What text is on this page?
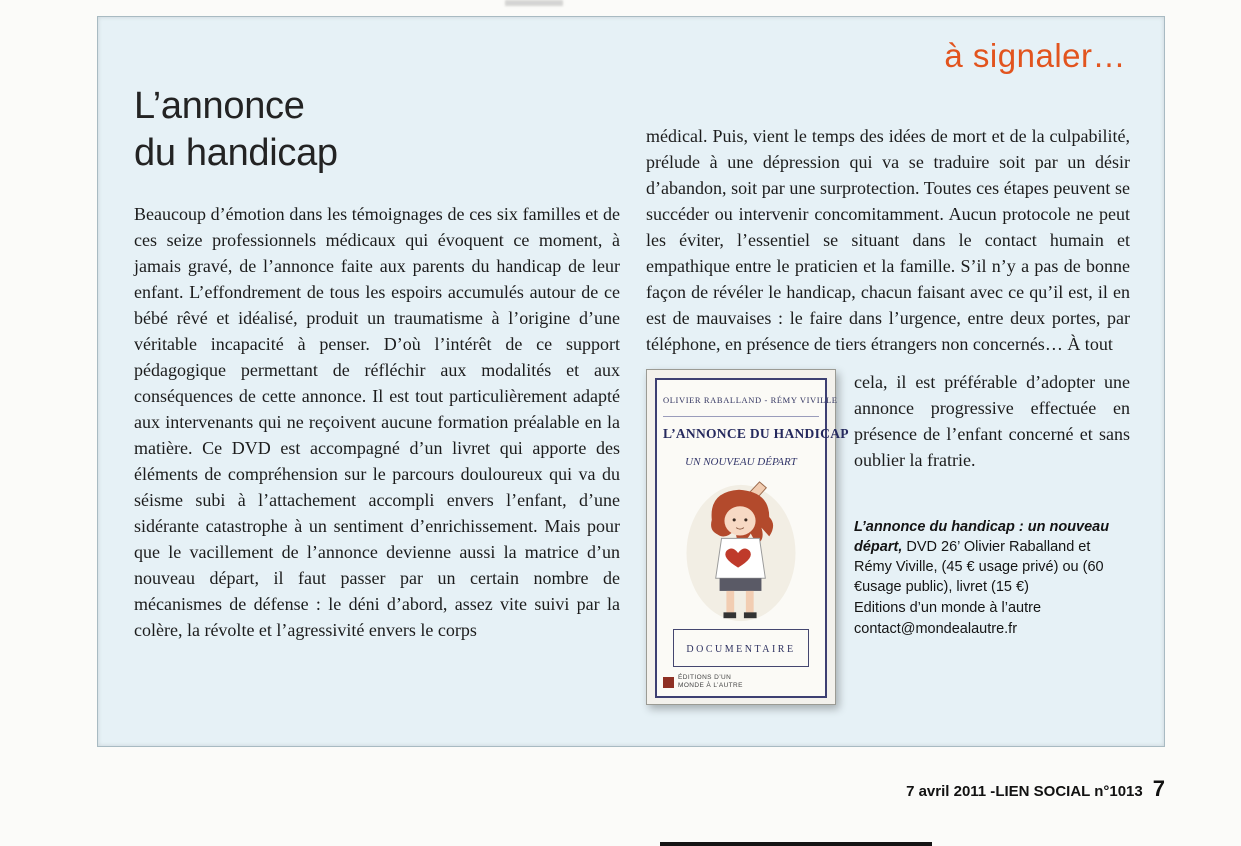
à signaler…
L’annonce
du handicap
Beaucoup d’émotion dans les témoignages de ces six familles et de ces seize professionnels médicaux qui évoquent ce moment, à jamais gravé, de l’annonce faite aux parents du handicap de leur enfant. L’effondrement de tous les espoirs accumulés autour de ce bébé rêvé et idéalisé, produit un traumatisme à l’origine d’une véritable incapacité à penser. D’où l’intérêt de ce support pédagogique permettant de réfléchir aux modalités et aux conséquences de cette annonce. Il est tout particulièrement adapté aux intervenants qui ne reçoivent aucune formation préalable en la matière. Ce DVD est accompagné d’un livret qui apporte des éléments de compréhension sur le parcours douloureux qui va du séisme subi à l’attachement accompli envers l’enfant, d’une sidérante catastrophe à un sentiment d’enrichissement. Mais pour que le vacillement de l’annonce devienne aussi la matrice d’un nouveau départ, il faut passer par un certain nombre de mécanismes de défense : le déni d’abord, assez vite suivi par la colère, la révolte et l’agressivité envers le corps

médical. Puis, vient le temps des idées de mort et de la culpabilité, prélude à une dépression qui va se traduire soit par un désir d’abandon, soit par une surprotection. Toutes ces étapes peuvent se succéder ou intervenir concomitamment. Aucun protocole ne peut les éviter, l’essentiel se situant dans le contact humain et empathique entre le praticien et la famille. S’il n’y a pas de bonne façon de révéler le handicap, chacun faisant avec ce qu’il est, il en est de mauvaises : le faire dans l’urgence, entre deux portes, par téléphone, en présence de tiers étrangers non concernés… À tout

OLIVIER RABALLAND - RÉMY VIVILLE
L’ANNONCE DU HANDICAP
UN NOUVEAU DÉPART
DOCUMENTAIRE
ÉDITIONS D’UN MONDE À L’AUTRE

cela, il est préférable d’adopter une annonce progressive effectuée en présence de l’enfant concerné et sans oublier la fratrie.

L’annonce du handicap : un nouveau départ, DVD 26’ Olivier Raballand et Rémy Viville, (45 € usage privé) ou (60 €usage public), livret (15 €)
Editions d’un monde à l’autre
contact@mondealautre.fr
7 avril 2011 - LIEN SOCIAL n°1013 7
